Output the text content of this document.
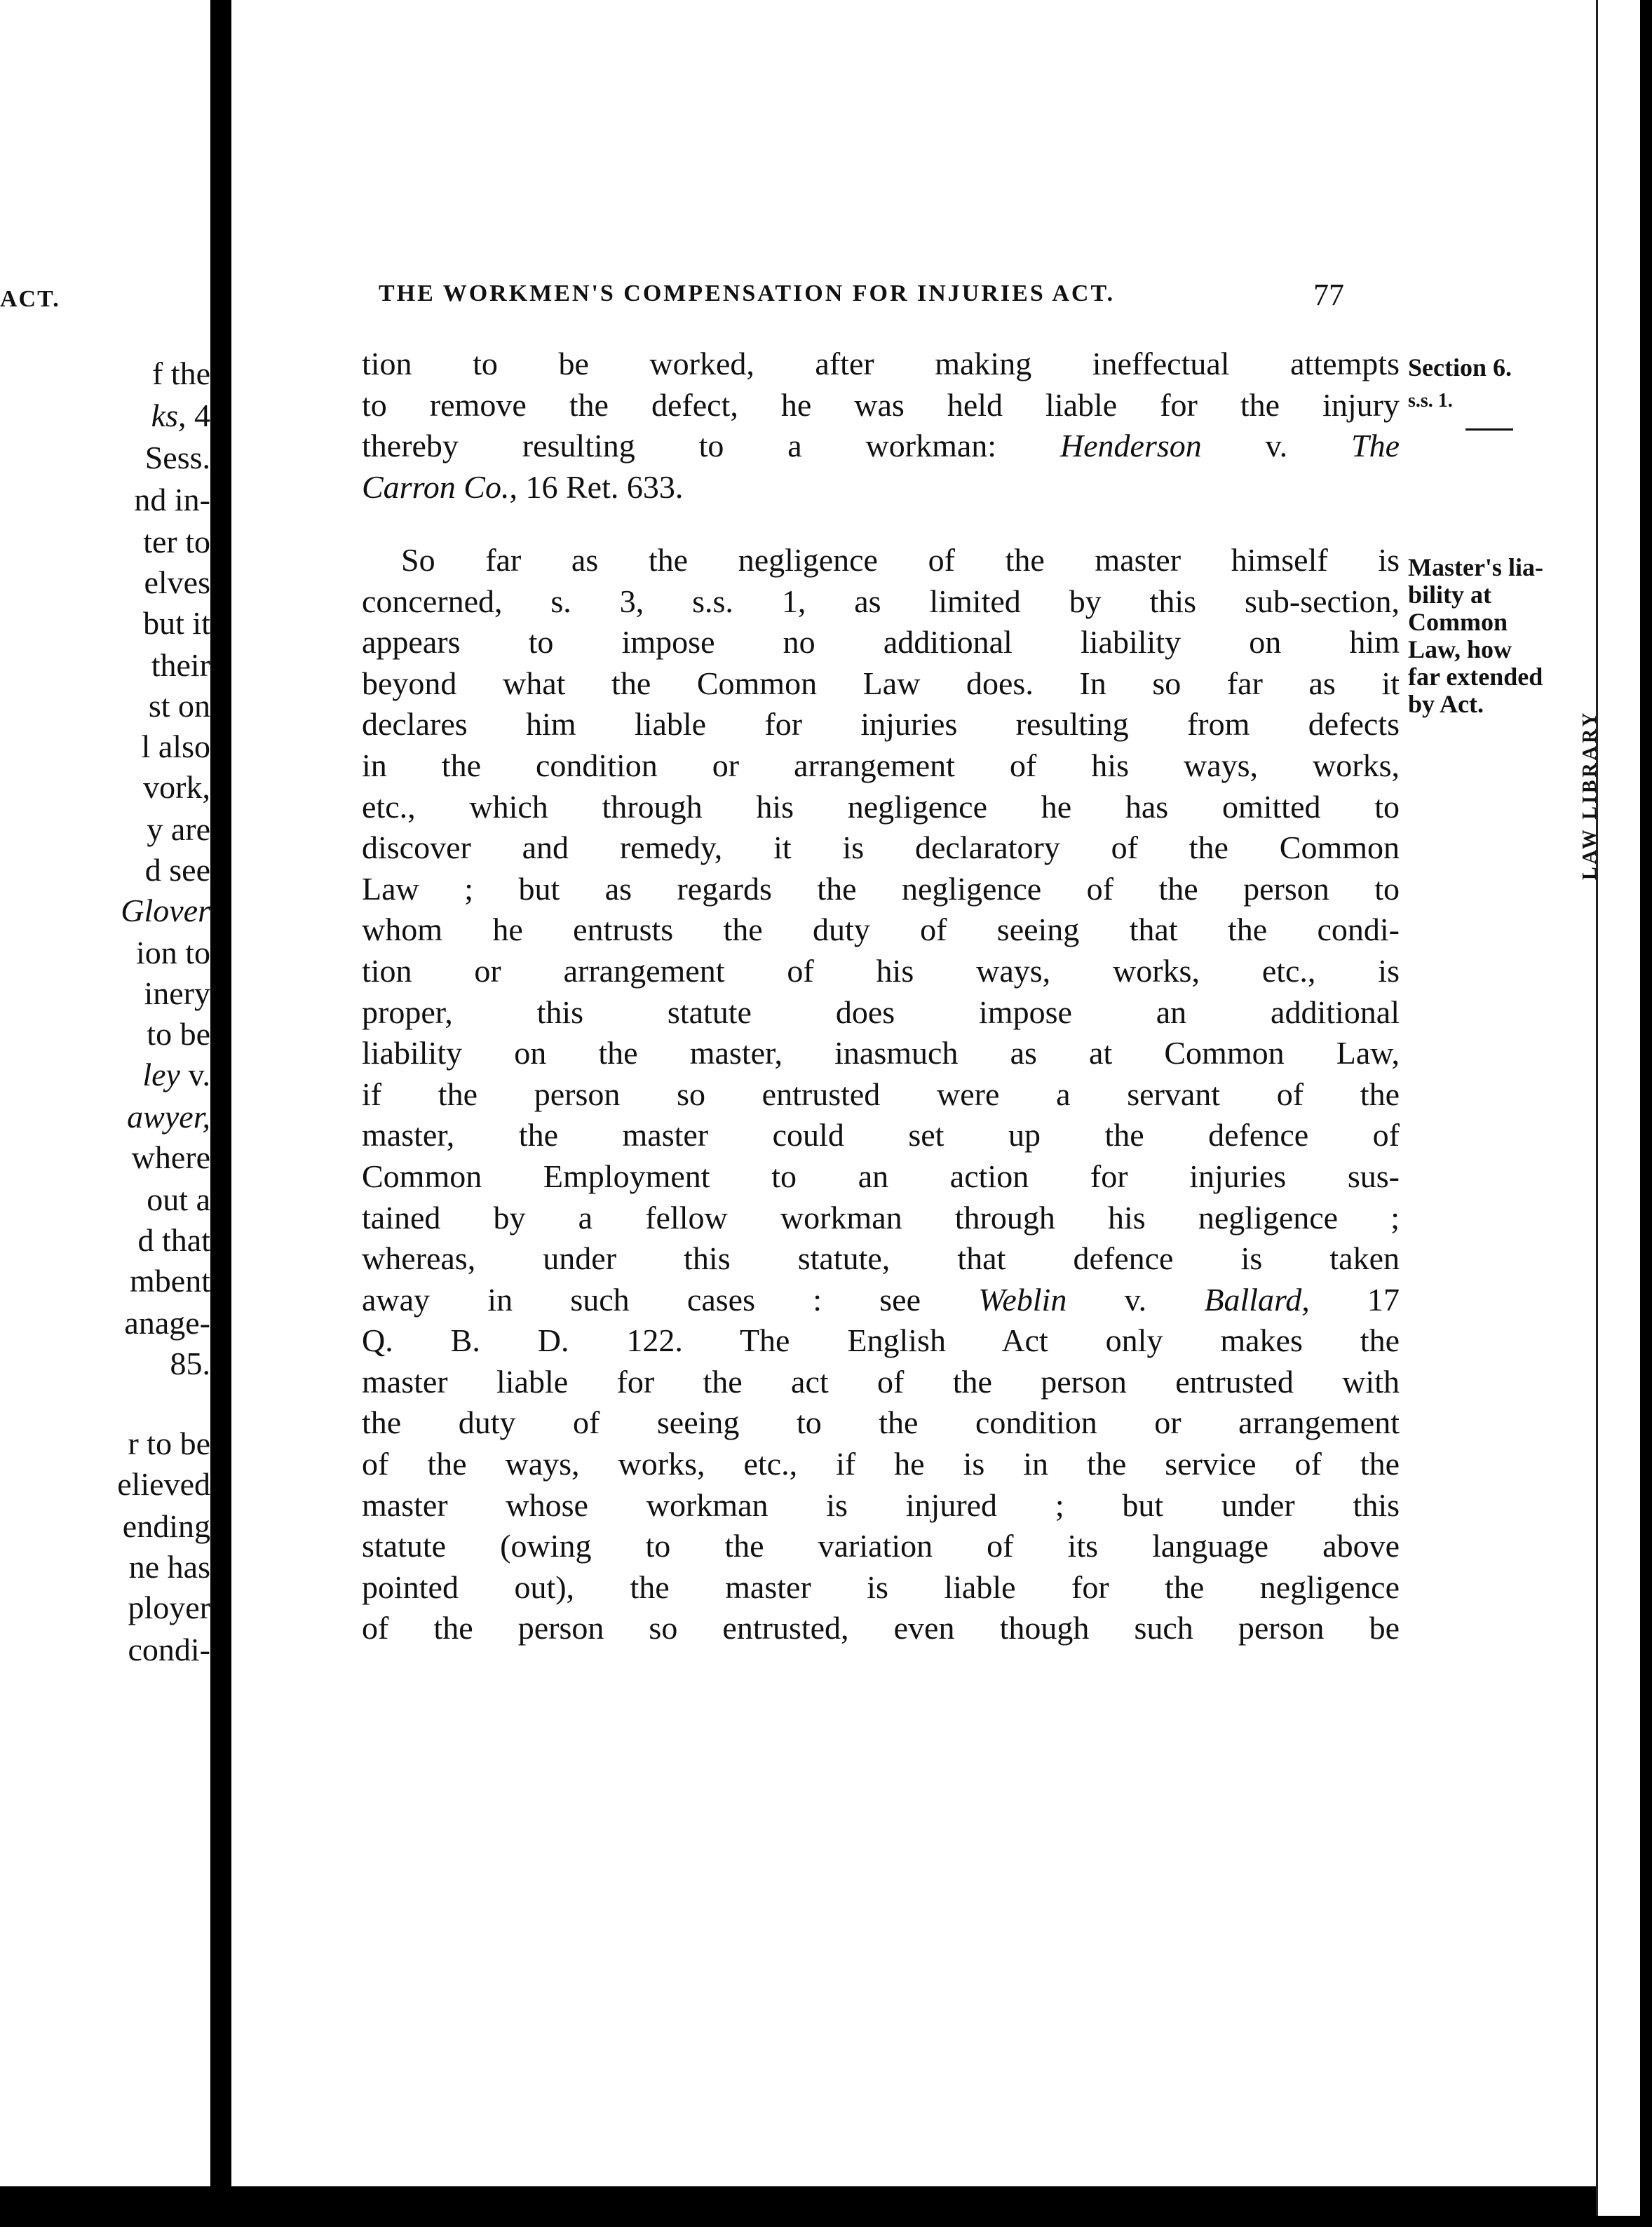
ACT.
f the
ks, 4
Sess.
nd in-
ter to
elves
but it
their
st on
l also
vork,
y are
d see
Glover
ion to
inery
to be
ley v.
awyer,
where
out a
d that
mbent
anage-
85.
r to be
elieved
ending
ne has
ployer
condi-
THE WORKMEN'S COMPENSATION FOR INJURIES ACT.	77
tion to be worked, after making ineffectual attempts
to remove the defect, he was held liable for the injury
thereby resulting to a workman: Henderson v. The
Carron Co., 16 Ret. 633.
So far as the negligence of the master himself is
concerned, s. 3, s.s. 1, as limited by this sub-section,
appears to impose no additional liability on him
beyond what the Common Law does. In so far as it
declares him liable for injuries resulting from defects
in the condition or arrangement of his ways, works,
etc., which through his negligence he has omitted to
discover and remedy, it is declaratory of the Common
Law ; but as regards the negligence of the person to
whom he entrusts the duty of seeing that the condi-
tion or arrangement of his ways, works, etc., is
proper, this statute does impose an additional
liability on the master, inasmuch as at Common Law,
if the person so entrusted were a servant of the
master, the master could set up the defence of
Common Employment to an action for injuries sus-
tained by a fellow workman through his negligence ;
whereas, under this statute, that defence is taken
away in such cases : see Weblin v. Ballard, 17
Q. B. D. 122. The English Act only makes the
master liable for the act of the person entrusted with
the duty of seeing to the condition or arrangement
of the ways, works, etc., if he is in the service of the
master whose workman is injured ; but under this
statute (owing to the variation of its language above
pointed out), the master is liable for the negligence
of the person so entrusted, even though such person be
Section 6.
s.s. 1.
Master's lia-
bility at
Common
Law, how
far extended
by Act.
LAW LIBRARY
